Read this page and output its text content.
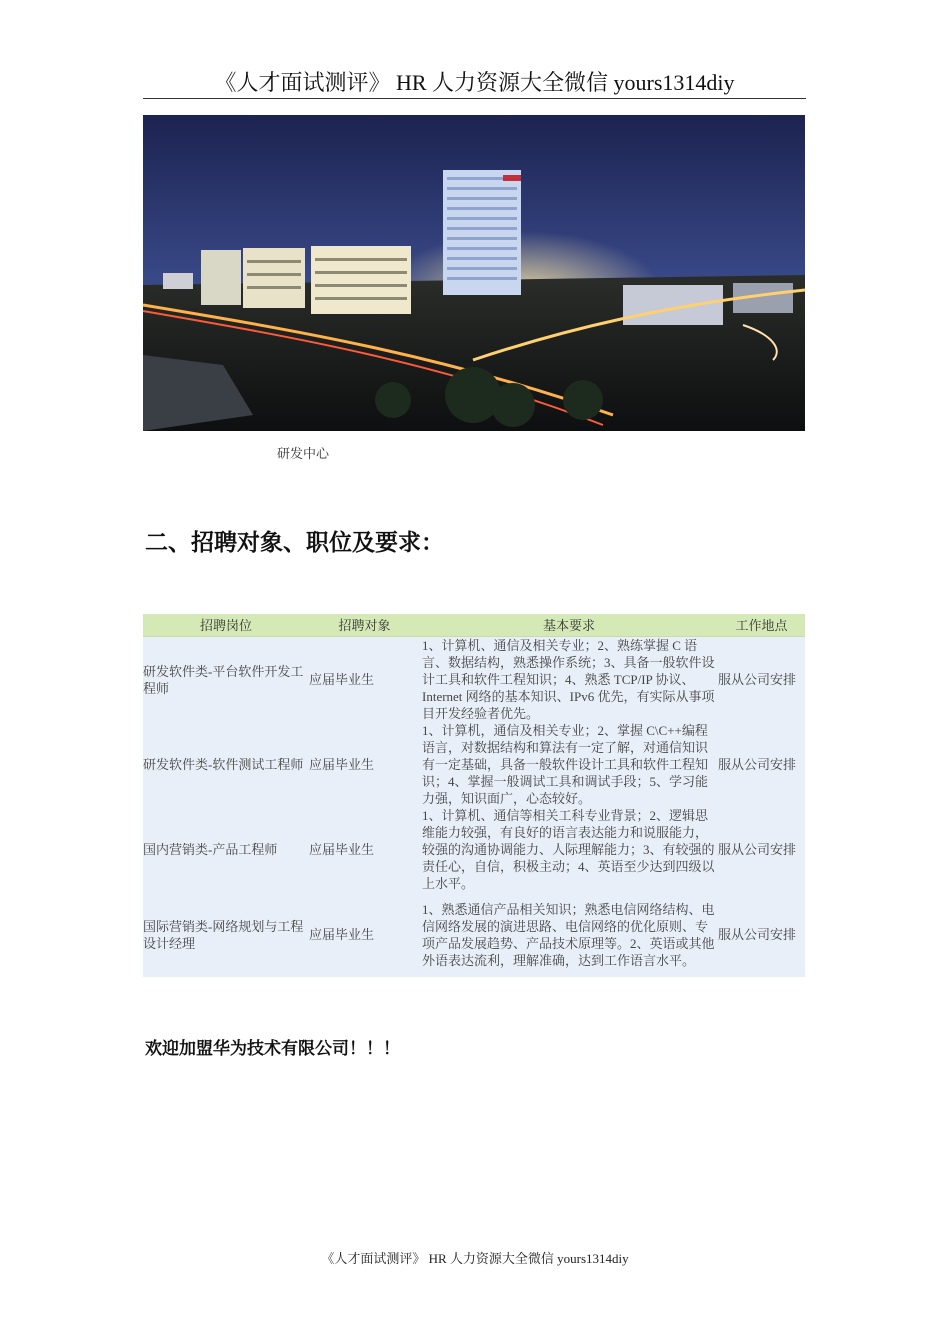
《人才面试测评》 HR 人力资源大全微信 yours1314diy
研发中心
二、招聘对象、职位及要求：
招聘岗位	招聘对象	基本要求	工作地点
研发软件类-平台软件开发工程师	应届毕业生	1、计算机、通信及相关专业；2、熟练掌握 C 语言、数据结构，熟悉操作系统；3、具备一般软件设计工具和软件工程知识；4、熟悉 TCP/IP 协议、Internet 网络的基本知识、IPv6 优先，有实际从事项目开发经验者优先。	服从公司安排
研发软件类-软件测试工程师	应届毕业生	1、计算机，通信及相关专业；2、掌握 C\C++编程语言，对数据结构和算法有一定了解，对通信知识有一定基础，具备一般软件设计工具和软件工程知识；4、掌握一般调试工具和调试手段；5、学习能力强，知识面广，心态较好。	服从公司安排
国内营销类-产品工程师	应届毕业生	1、计算机、通信等相关工科专业背景；2、逻辑思维能力较强，有良好的语言表达能力和说服能力，较强的沟通协调能力、人际理解能力；3、有较强的责任心，自信，积极主动；4、英语至少达到四级以上水平。	服从公司安排
国际营销类-网络规划与工程设计经理	应届毕业生	1、熟悉通信产品相关知识；熟悉电信网络结构、电信网络发展的演进思路、电信网络的优化原则、专项产品发展趋势、产品技术原理等。2、英语或其他外语表达流利，理解准确，达到工作语言水平。	服从公司安排
欢迎加盟华为技术有限公司！！！
《人才面试测评》 HR 人力资源大全微信 yours1314diy
